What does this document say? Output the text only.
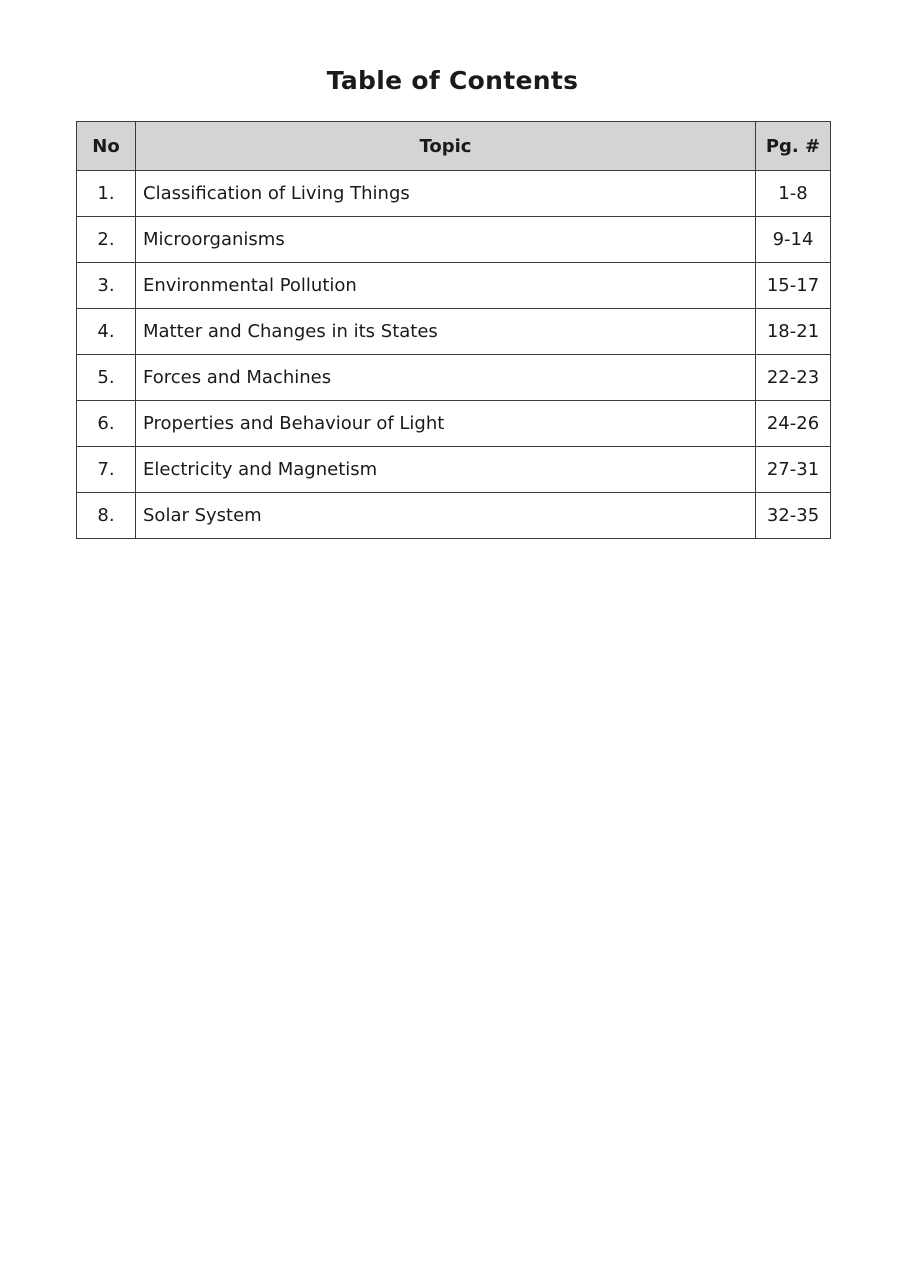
Table of Contents
No	Topic	Pg. #
1.	Classification of Living Things	1-8
2.	Microorganisms	9-14
3.	Environmental Pollution	15-17
4.	Matter and Changes in its States	18-21
5.	Forces and Machines	22-23
6.	Properties and Behaviour of Light	24-26
7.	Electricity and Magnetism	27-31
8.	Solar System	32-35
